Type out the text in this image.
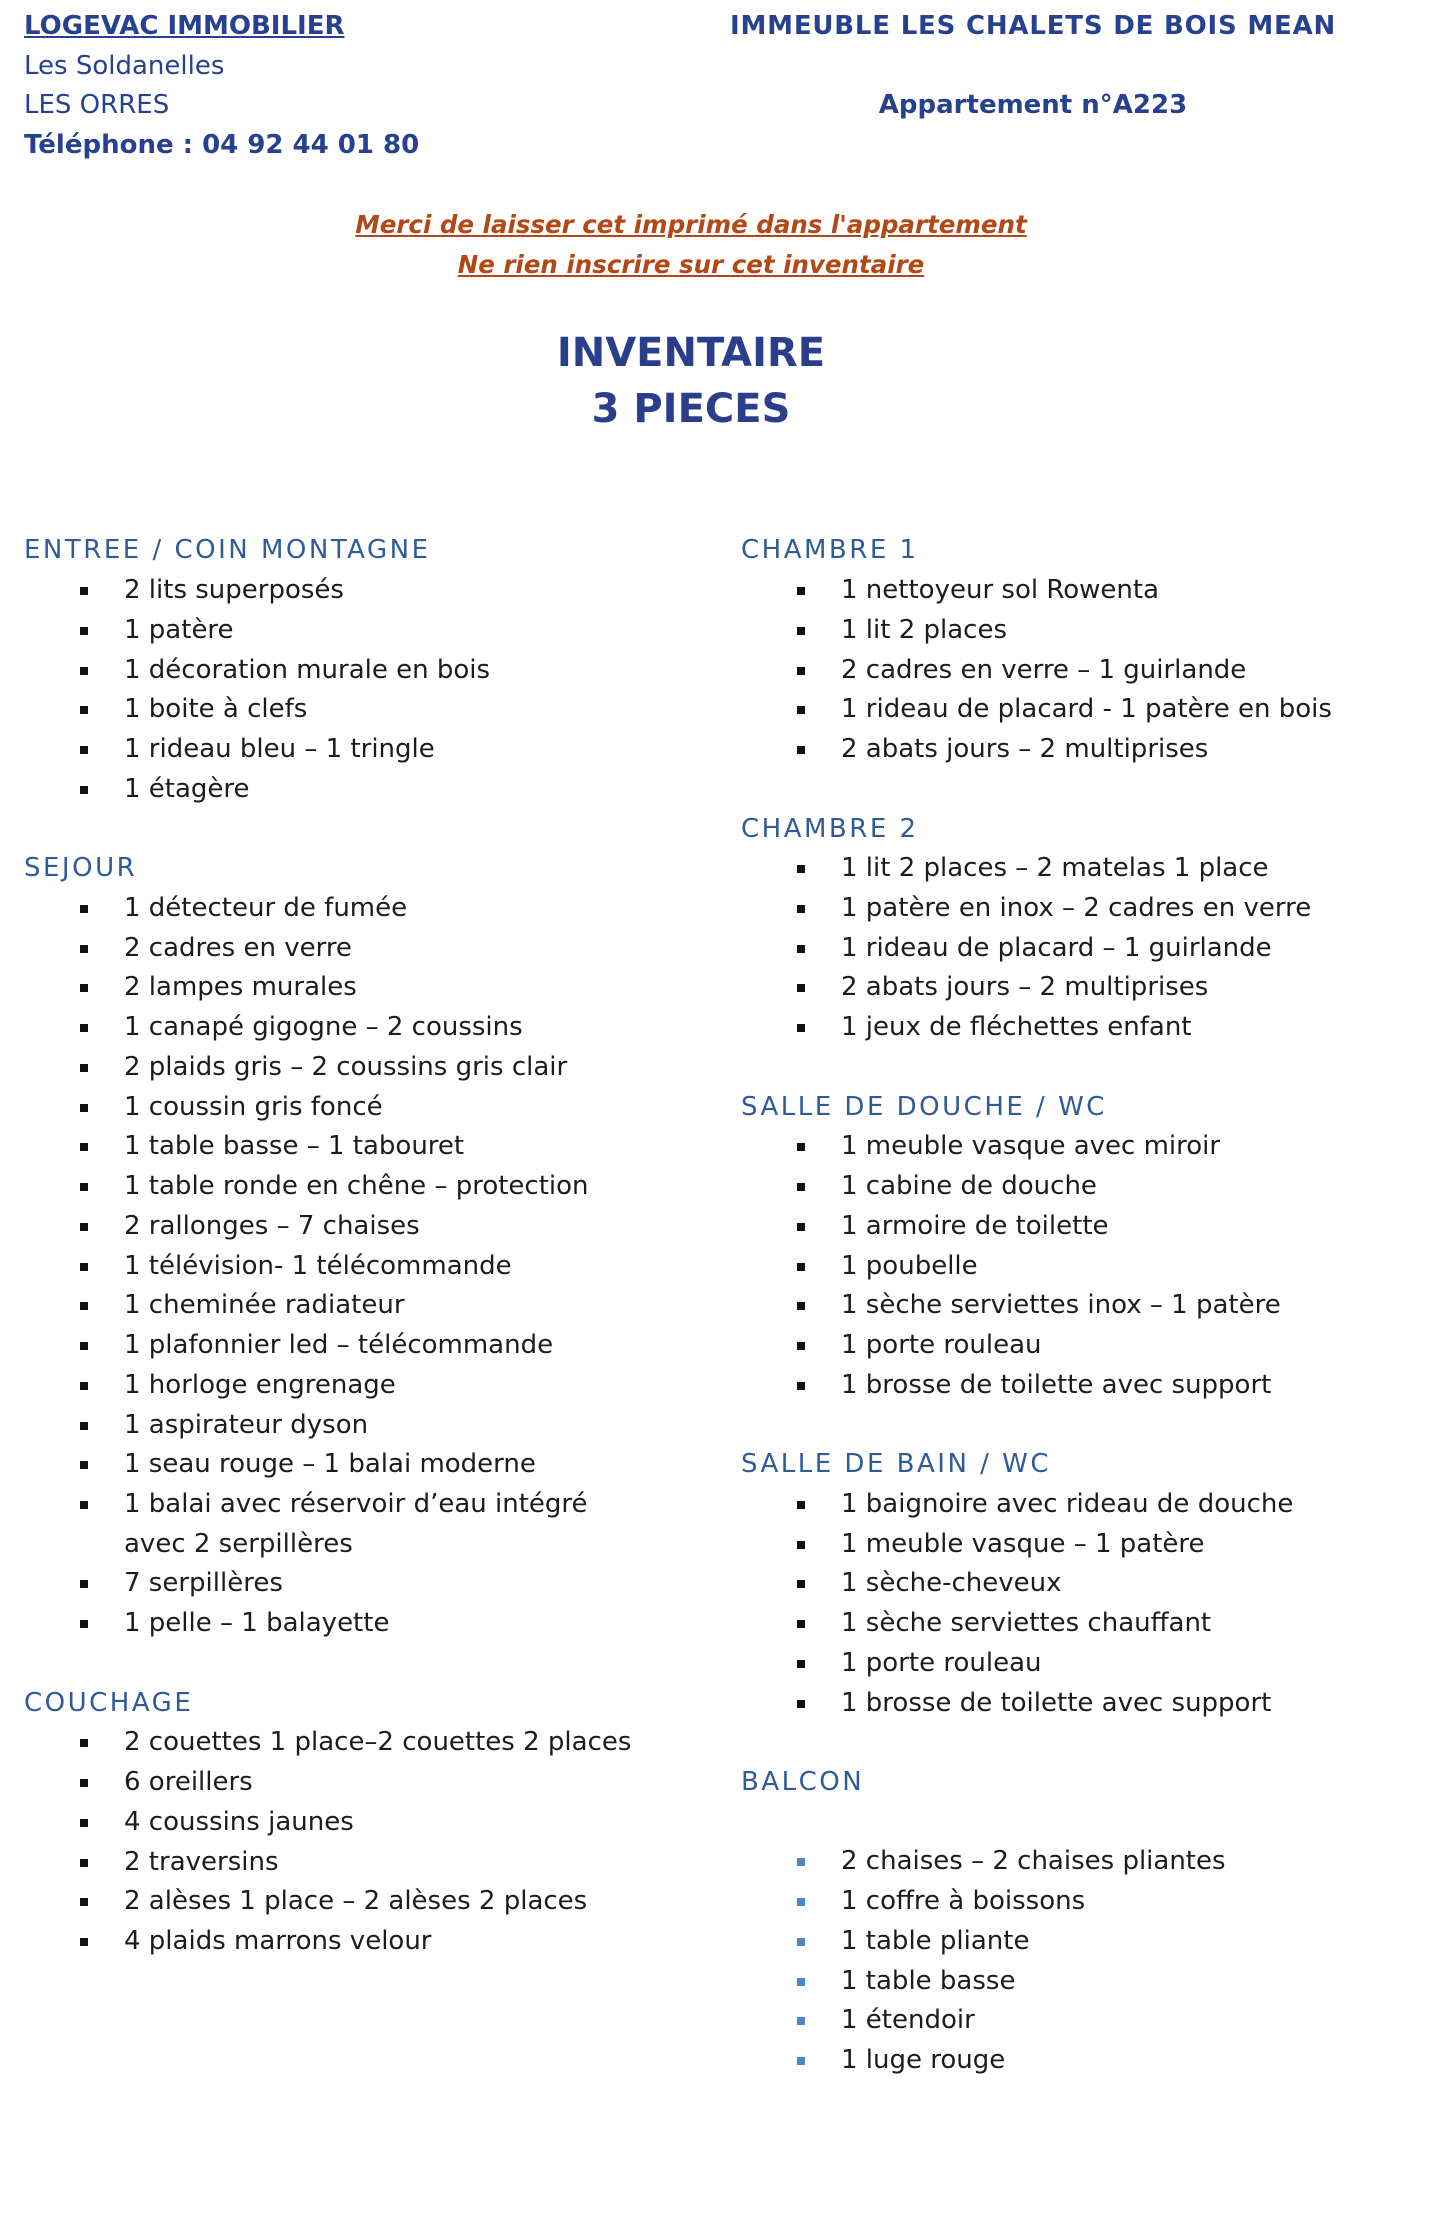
LOGEVAC IMMOBILIER
Les Soldanelles
LES ORRES
Téléphone : 04 92 44 01 80
IMMEUBLE LES CHALETS DE BOIS MEAN
Appartement n°A223
Merci de laisser cet imprimé dans l'appartement
Ne rien inscrire sur cet inventaire
INVENTAIRE
3 PIECES
ENTREE / COIN MONTAGNE
2 lits superposés
1 patère
1 décoration murale en bois
1 boite à clefs
1 rideau bleu – 1 tringle
1 étagère
SEJOUR
1 détecteur de fumée
2 cadres en verre
2 lampes murales
1 canapé gigogne – 2 coussins
2 plaids gris – 2 coussins gris clair
1 coussin gris foncé
1 table basse – 1 tabouret
1 table ronde en chêne – protection
2 rallonges – 7 chaises
1 télévision- 1 télécommande
1 cheminée radiateur
1 plafonnier led – télécommande
1 horloge engrenage
1 aspirateur dyson
1 seau rouge – 1 balai moderne
1 balai avec réservoir d’eau intégré
avec 2 serpillères
7 serpillères
1 pelle – 1 balayette
COUCHAGE
2 couettes 1 place–2 couettes 2 places
6 oreillers
4 coussins jaunes
2 traversins
2 alèses 1 place – 2 alèses 2 places
4 plaids marrons velour
CHAMBRE 1
1 nettoyeur sol Rowenta
1 lit 2 places
2 cadres en verre – 1 guirlande
1 rideau de placard - 1 patère en bois
2 abats jours – 2 multiprises
CHAMBRE 2
1 lit 2 places – 2 matelas 1 place
1 patère en inox – 2 cadres en verre
1 rideau de placard – 1 guirlande
2 abats jours – 2 multiprises
1 jeux de fléchettes enfant
SALLE DE DOUCHE / WC
1 meuble vasque avec miroir
1 cabine de douche
1 armoire de toilette
1 poubelle
1 sèche serviettes inox – 1 patère
1 porte rouleau
1 brosse de toilette avec support
SALLE DE BAIN / WC
1 baignoire avec rideau de douche
1 meuble vasque – 1 patère
1 sèche-cheveux
1 sèche serviettes chauffant
1 porte rouleau
1 brosse de toilette avec support
BALCON
2 chaises – 2 chaises pliantes
1 coffre à boissons
1 table pliante
1 table basse
1 étendoir
1 luge rouge
